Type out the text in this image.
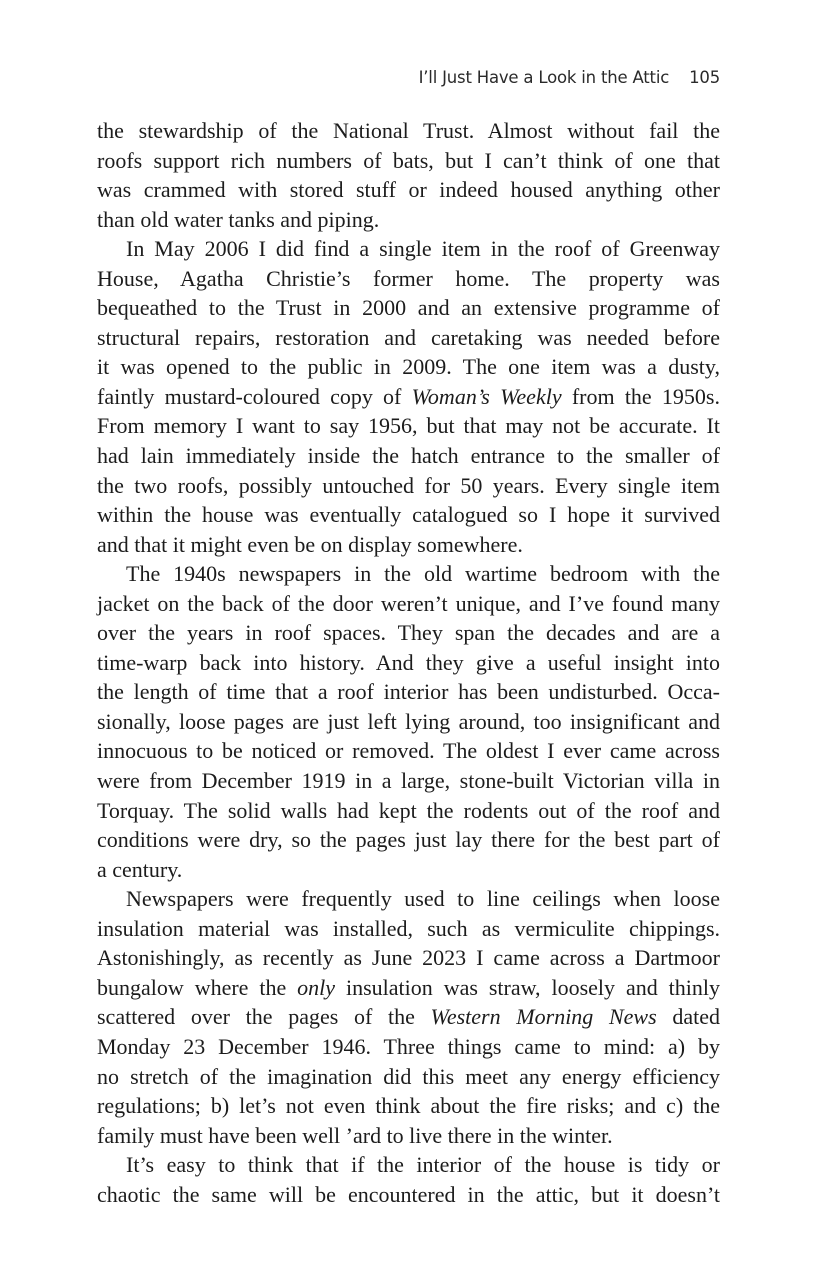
I’ll Just Have a Look in the Attic 105
the stewardship of the National Trust. Almost without fail the
roofs support rich numbers of bats, but I can’t think of one that
was crammed with stored stuff or indeed housed anything other
than old water tanks and piping.
In May 2006 I did find a single item in the roof of Greenway
House, Agatha Christie’s former home. The property was
bequeathed to the Trust in 2000 and an extensive programme of
structural repairs, restoration and caretaking was needed before
it was opened to the public in 2009. The one item was a dusty,
faintly mustard-coloured copy of Woman’s Weekly from the 1950s.
From memory I want to say 1956, but that may not be accurate. It
had lain immediately inside the hatch entrance to the smaller of
the two roofs, possibly untouched for 50 years. Every single item
within the house was eventually catalogued so I hope it survived
and that it might even be on display somewhere.
The 1940s newspapers in the old wartime bedroom with the
jacket on the back of the door weren’t unique, and I’ve found many
over the years in roof spaces. They span the decades and are a
time-warp back into history. And they give a useful insight into
the length of time that a roof interior has been undisturbed. Occa-
sionally, loose pages are just left lying around, too insignificant and
innocuous to be noticed or removed. The oldest I ever came across
were from December 1919 in a large, stone-built Victorian villa in
Torquay. The solid walls had kept the rodents out of the roof and
conditions were dry, so the pages just lay there for the best part of
a century.
Newspapers were frequently used to line ceilings when loose
insulation material was installed, such as vermiculite chippings.
Astonishingly, as recently as June 2023 I came across a Dartmoor
bungalow where the only insulation was straw, loosely and thinly
scattered over the pages of the Western Morning News dated
Monday 23 December 1946. Three things came to mind: a) by
no stretch of the imagination did this meet any energy efficiency
regulations; b) let’s not even think about the fire risks; and c) the
family must have been well ’ard to live there in the winter.
It’s easy to think that if the interior of the house is tidy or
chaotic the same will be encountered in the attic, but it doesn’t
